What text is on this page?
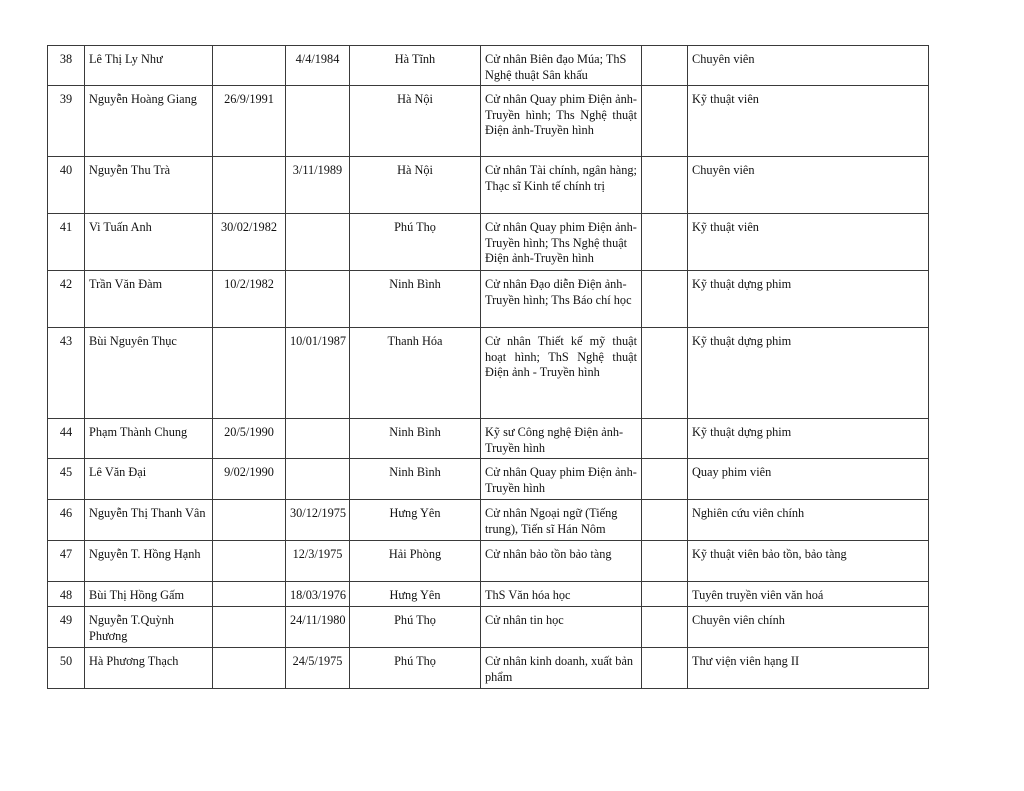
38	Lê Thị Ly Như		4/4/1984	Hà Tĩnh	Cử nhân Biên đạo Múa; ThS Nghệ thuật Sân khấu		Chuyên viên
39	Nguyễn Hoàng Giang	26/9/1991		Hà Nội	Cử nhân Quay phim Điện ảnh-Truyền hình; Ths Nghệ thuật Điện ảnh-Truyền hình		Kỹ thuật viên
40	Nguyễn Thu Trà		3/11/1989	Hà Nội	Cử nhân Tài chính, ngân hàng; Thạc sĩ Kinh tế chính trị		Chuyên viên
41	Vi Tuấn Anh	30/02/1982		Phú Thọ	Cử nhân Quay phim Điện ảnh-Truyền hình; Ths Nghệ thuật Điện ảnh-Truyền hình		Kỹ thuật viên
42	Trần Văn Đàm	10/2/1982		Ninh Bình	Cử nhân Đạo diễn Điện ảnh-Truyền hình; Ths Báo chí học		Kỹ thuật dựng phim
43	Bùi Nguyên Thục		10/01/1987	Thanh Hóa	Cử nhân Thiết kế mỹ thuật hoạt hình; ThS Nghệ thuật Điện ảnh - Truyền hình		Kỹ thuật dựng phim
44	Phạm Thành Chung	20/5/1990		Ninh Bình	Kỹ sư Công nghệ Điện ảnh-Truyền hình		Kỹ thuật dựng phim
45	Lê Văn Đại	9/02/1990		Ninh Bình	Cử nhân Quay phim Điện ảnh-Truyền hình		Quay phim viên
46	Nguyễn Thị Thanh Vân		30/12/1975	Hưng Yên	Cử nhân Ngoại ngữ (Tiếng trung), Tiến sĩ Hán Nôm		Nghiên cứu viên chính
47	Nguyễn T. Hồng Hạnh		12/3/1975	Hải Phòng	Cử nhân bảo tồn bảo tàng		Kỹ thuật viên bảo tồn, bảo tàng
48	Bùi Thị Hồng Gấm		18/03/1976	Hưng Yên	ThS Văn hóa học		Tuyên truyền viên văn hoá
49	Nguyễn T.Quỳnh Phương		24/11/1980	Phú Thọ	Cử nhân tin học		Chuyên viên chính
50	Hà Phương Thạch		24/5/1975	Phú Thọ	Cử nhân kinh doanh, xuất bản phẩm		Thư viện viên hạng II
